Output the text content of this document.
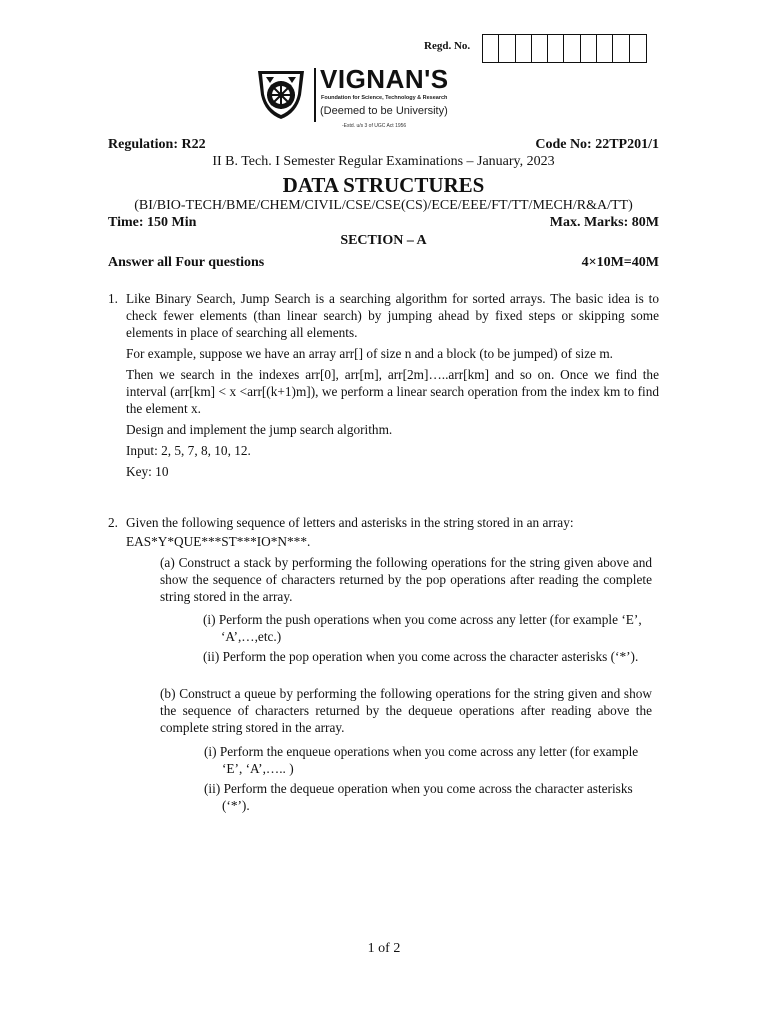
Regd. No.
VIGNAN'S
Foundation for Science, Technology & Research
(Deemed to be University)
-Estd. u/s 3 of UGC Act 1956
Regulation: R22	Code No: 22TP201/1
II B. Tech. I Semester Regular Examinations – January, 2023
DATA STRUCTURES
(BI/BIO-TECH/BME/CHEM/CIVIL/CSE/CSE(CS)/ECE/EEE/FT/TT/MECH/R&A/TT)
Time: 150 Min	Max. Marks: 80M
SECTION – A
Answer all Four questions	4×10M=40M
1. Like Binary Search, Jump Search is a searching algorithm for sorted arrays. The basic idea is to check fewer elements (than linear search) by jumping ahead by fixed steps or skipping some elements in place of searching all elements.

For example, suppose we have an array arr[] of size n and a block (to be jumped) of size m.

Then we search in the indexes arr[0], arr[m], arr[2m]…..arr[km] and so on. Once we find the interval (arr[km] < x <arr[(k+1)m]), we perform a linear search operation from the index km to find the element x.

Design and implement the jump search algorithm.

Input: 2, 5, 7, 8, 10, 12.

Key: 10

2. Given the following sequence of letters and asterisks in the string stored in an array:

EAS*Y*QUE***ST***IO*N***.

(a) Construct a stack by performing the following operations for the string given above and show the sequence of characters returned by the pop operations after reading the complete string stored in the array.

(i) Perform the push operations when you come across any letter (for example ‘E’, ‘A’,…,etc.)
(ii) Perform the pop operation when you come across the character asterisks (‘*’).

(b) Construct a queue by performing the following operations for the string given and show the sequence of characters returned by the dequeue operations after reading above the complete string stored in the array.

(i) Perform the enqueue operations when you come across any letter (for example ‘E’, ‘A’,….. )
(ii) Perform the dequeue operation when you come across the character asterisks (‘*’).
1 of 2
